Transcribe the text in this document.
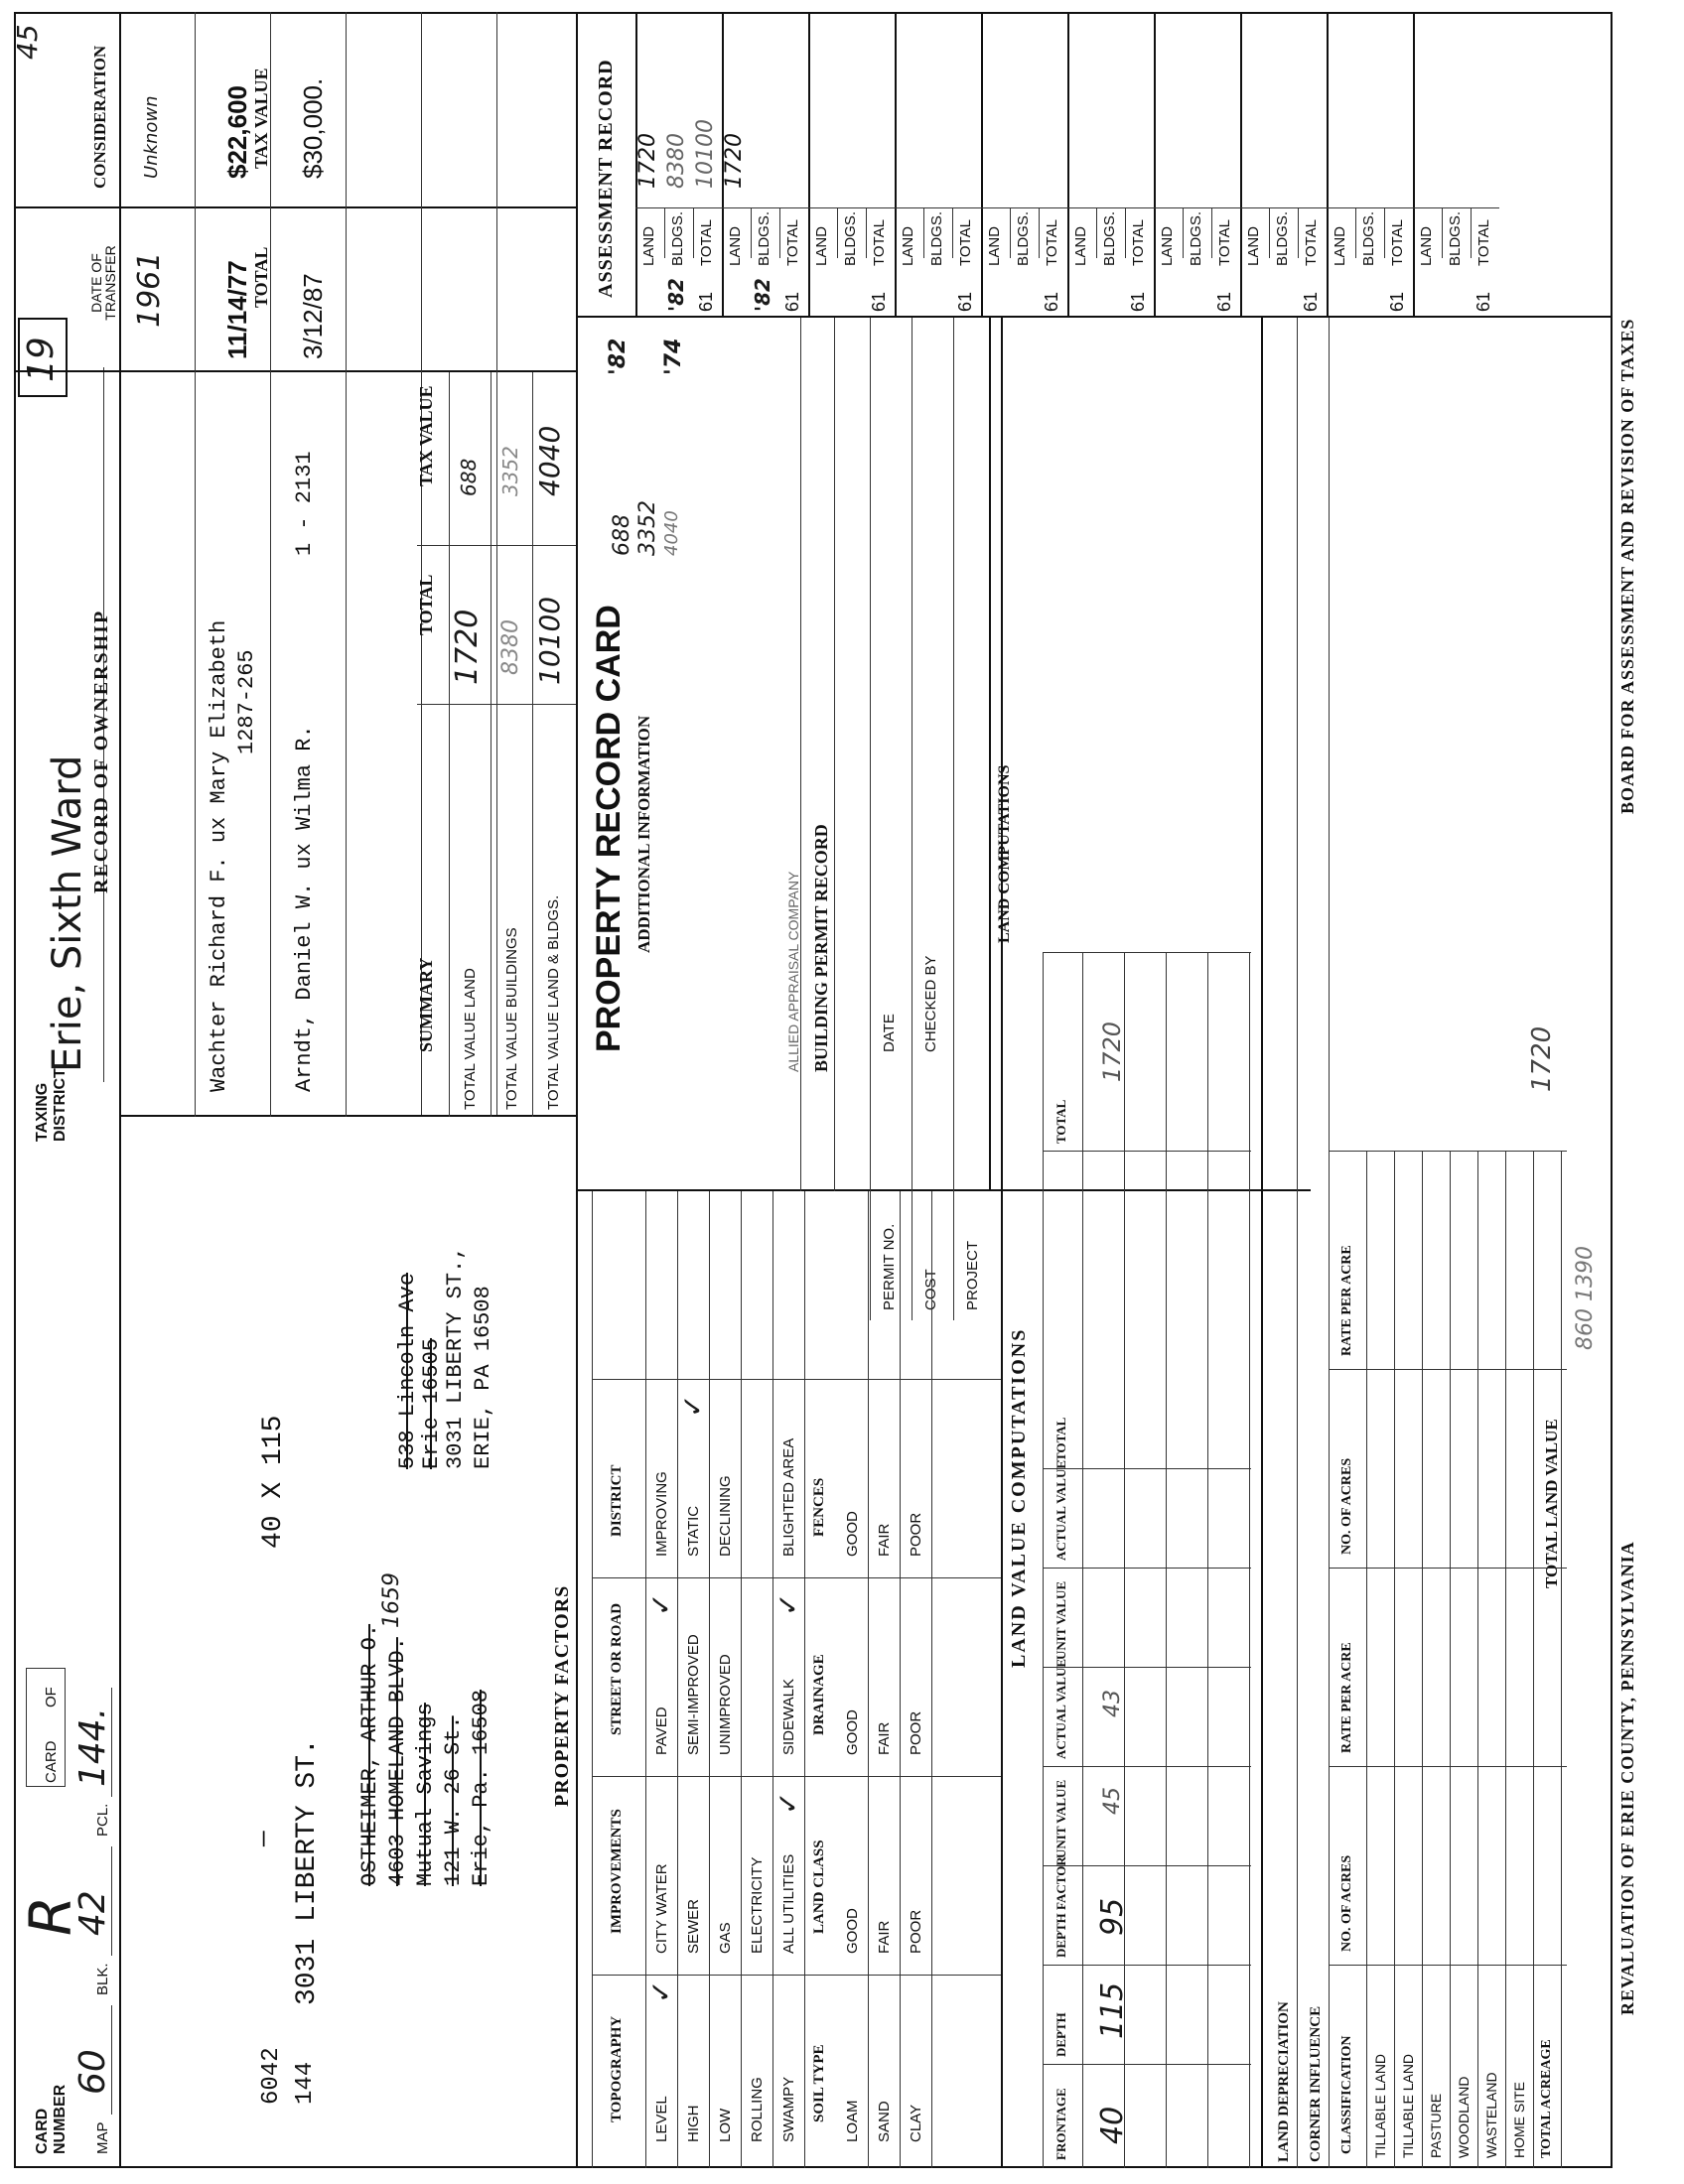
CARD NUMBER MAP
60
BLK.
42
PCL.
144.
R
CARD
OF
TAXING DISTRICT
Erie, Sixth Ward
19
45
6042 144
3031 LIBERTY ST.
—
40 X 115
OSTHEIMER, ARTHUR O. 4603 HOMELAND BLVD. Mutual Savings 121 W. 26 St. Erie, Pa. 16508
1659
538 Lincoln Ave Erie 16505 3031 LIBERTY ST., ERIE, PA 16508
RECORD OF OWNERSHIP
DATE OF TRANSFER
CONSIDERATION
1961
Unknown
Wachter Richard F. ux Mary Elizabeth 1287-265
11/14/77
$22,600
Arndt, Daniel W. ux Wilma R.
1 - 2131
3/12/87
$30,000.
SUMMARY
TOTAL
TAX VALUE
TOTAL VALUE LAND
1720
688
TOTAL VALUE BUILDINGS
8380
3352
TOTAL VALUE LAND & BLDGS.
10100
4040
TOTAL
TAX VALUE
PROPERTY RECORD CARD ADDITIONAL INFORMATION
688 3352 4040
'82 '74
ALLIED APPRAISAL COMPANY BUILDING PERMIT RECORD
PERMIT NO. COST PROJECT
DATE CHECKED BY
LAND COMPUTATIONS
ASSESSMENT RECORD
PROPERTY FACTORS
LAND VALUE COMPUTATIONS
40
115
95
45
43
1720
LAND DEPRECIATION CORNER INFLUENCE
TOTAL LAND VALUE
1720
860 1390
REVALUATION OF ERIE COUNTY, PENNSYLVANIA
BOARD FOR ASSESSMENT AND REVISION OF TAXES
61
'82
LAND
1720
BLDGS.
8380
TOTAL
10100
61
'82
LAND
1720
BLDGS. TOTAL
61
LAND BLDGS. TOTAL
61
LAND BLDGS. TOTAL
61
LAND BLDGS. TOTAL
61
LAND BLDGS. TOTAL
61
LAND BLDGS. TOTAL
61
LAND BLDGS. TOTAL
61
LAND BLDGS. TOTAL
61
LAND BLDGS. TOTAL
TOPOGRAPHY
IMPROVEMENTS
STREET OR ROAD
DISTRICT
LEVEL
CITY WATER
PAVED
IMPROVING
HIGH
SEWER
SEMI-IMPROVED
STATIC
LOW
GAS
UNIMPROVED
DECLINING
ROLLING
ELECTRICITY
SWAMPY
ALL UTILITIES
SIDEWALK
BLIGHTED AREA
✓
✓
✓	✓
✓
SOIL TYPE
LAND CLASS
DRAINAGE
FENCES
LOAM
GOOD
GOOD
GOOD
SAND
FAIR
FAIR
FAIR
CLAY
POOR
POOR
POOR
FRONTAGE
DEPTH
DEPTH FACTOR
UNIT VALUE
ACTUAL VALUE
UNIT VALUE
ACTUAL VALUE
TOTAL
TOTAL
CLASSIFICATION
NO. OF ACRES
RATE PER ACRE
NO. OF ACRES
RATE PER ACRE
TILLABLE LAND TILLABLE LAND PASTURE WOODLAND WASTELAND HOME SITE TOTAL ACREAGE
